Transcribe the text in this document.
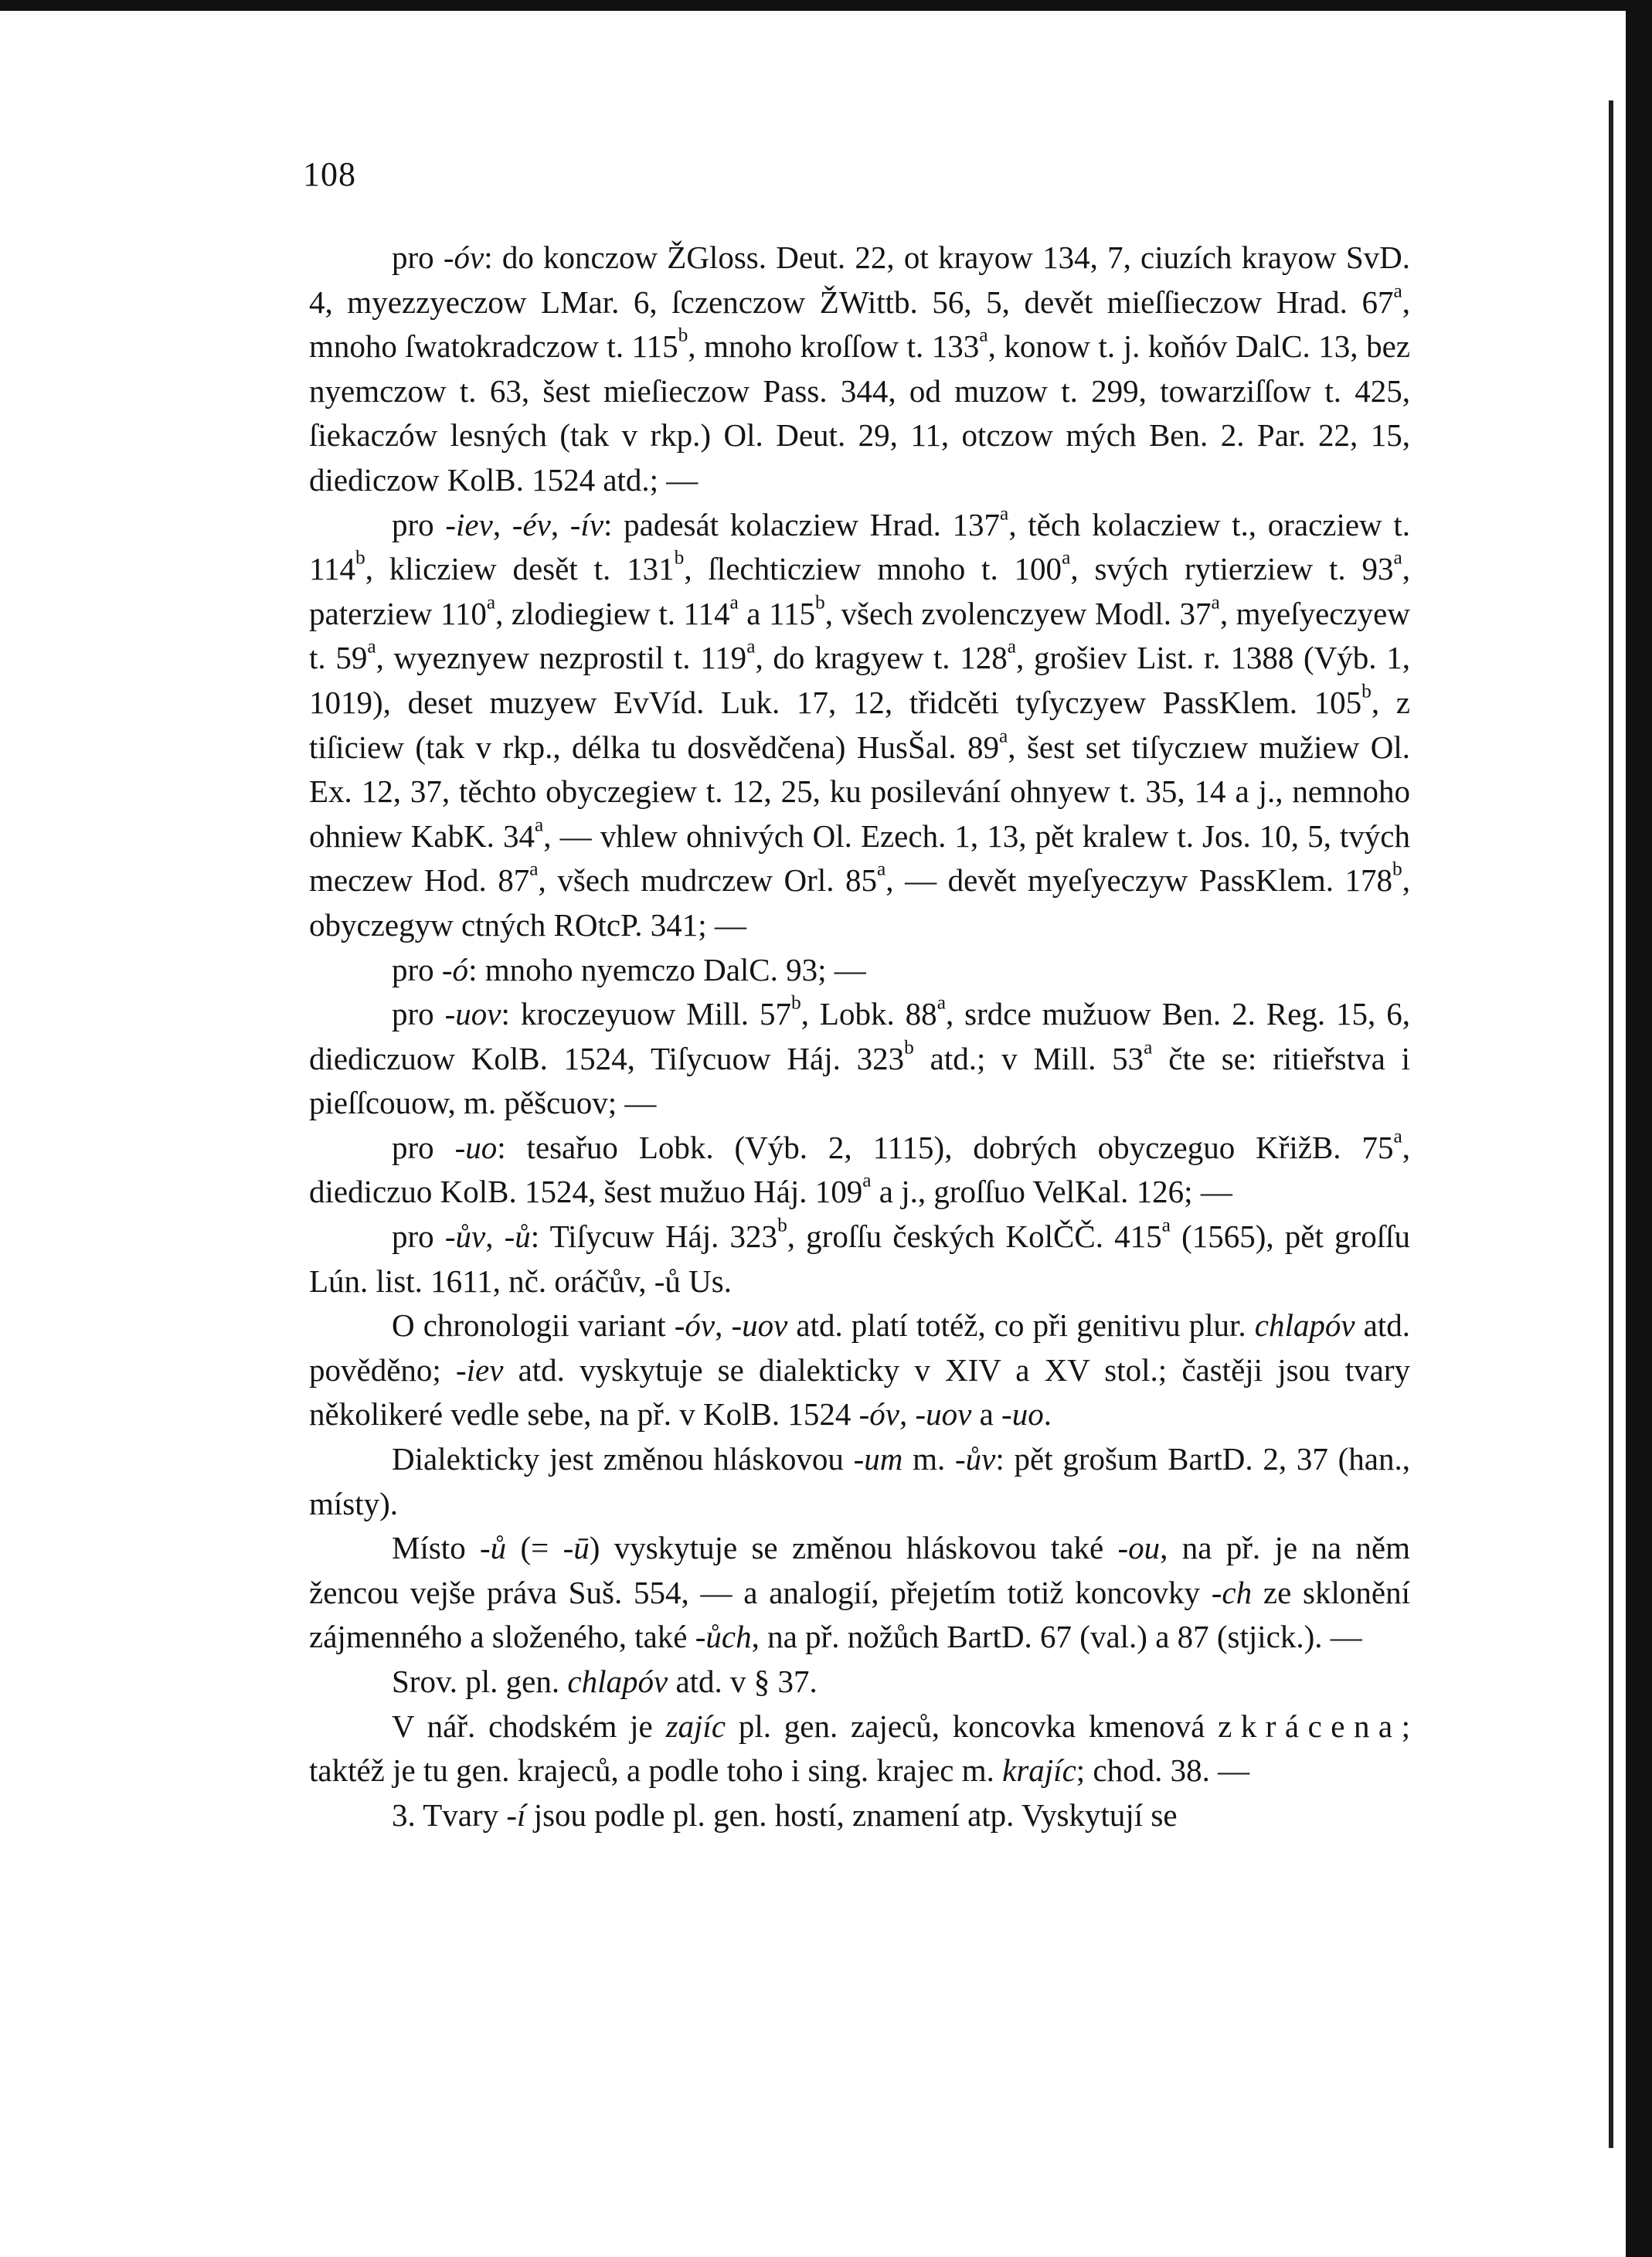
108

pro -óv: do konczow ŽGloss. Deut. 22, ot krayow 134, 7, ciuzích krayow SvD. 4, myezzyeczow LMar. 6, ſczenczow ŽWittb. 56, 5, devět mieſſieczow Hrad. 67$^a$, mnoho ſwatokradczow t. 115$^b$, mnoho kroſſow t. 133$^a$, konow t. j. koňóv DalC. 13, bez nyemczow t. 63, šest mieſieczow Pass. 344, od muzow t. 299, towarziſſow t. 425, ſiekaczów lesných (tak v rkp.) Ol. Deut. 29, 11, otczow mých Ben. 2. Par. 22, 15, diediczow KolB. 1524 atd.; —

pro -iev, -év, -ív: padesát kolacziew Hrad. 137$^a$, těch kolacziew t., oracziew t. 114$^b$, klicziew desět t. 131$^b$, ſlechticziew mnoho t. 100$^a$, svých rytierziew t. 93$^a$, paterziew 110$^a$, zlodiegiew t. 114$^a$ a 115$^b$, všech zvolenczyew Modl. 37$^a$, myeſyeczyew t. 59$^a$, wyeznyew nezprostil t. 119$^a$, do kragyew t. 128$^a$, grošiev List. r. 1388 (Výb. 1, 1019), deset muzyew EvVíd. Luk. 17, 12, třidcěti tyſyczyew PassKlem. 105$^b$, z tiſiciew (tak v rkp., délka tu dosvědčena) HusŠal. 89$^a$, šest set tiſyczıew mužiew Ol. Ex. 12, 37, těchto obyczegiew t. 12, 25, ku posilevání ohnyew t. 35, 14 a j., nemnoho ohniew KabK. 34$^a$, — vhlew ohnivých Ol. Ezech. 1, 13, pět kralew t. Jos. 10, 5, tvých meczew Hod. 87$^a$, všech mudrczew Orl. 85$^a$, — devět myeſyeczyw PassKlem. 178$^b$, obyczegyw ctných ROtcP. 341; —

pro -ó: mnoho nyemczo DalC. 93; —

pro -uov: kroczeyuow Mill. 57$^b$, Lobk. 88$^a$, srdce mužuow Ben. 2. Reg. 15, 6, diediczuow KolB. 1524, Tiſycuow Háj. 323$^b$ atd.; v Mill. 53$^a$ čte se: ritieřstva i pieſſcouow, m. pěšcuov; —

pro -uo: tesařuo Lobk. (Výb. 2, 1115), dobrých obyczeguo KřižB. 75$^a$, diediczuo KolB. 1524, šest mužuo Háj. 109$^a$ a j., groſſuo VelKal. 126; —

pro -ův, -ů: Tiſycuw Háj. 323$^b$, groſſu českých KolČČ. 415$^a$ (1565), pět groſſu Lún. list. 1611, nč. oráčův, -ů Us.

O chronologii variant -óv, -uov atd. platí totéž, co při genitivu plur. chlapóv atd. pověděno; -iev atd. vyskytuje se dialekticky v XIV a XV stol.; častěji jsou tvary několikeré vedle sebe, na př. v KolB. 1524 -óv, -uov a -uo.

Dialekticky jest změnou hláskovou -um m. -ův: pět grošum BartD. 2, 37 (han., místy).

Místo -ů (= -ū) vyskytuje se změnou hláskovou také -ou, na př. je na něm žencou vejše práva Suš. 554, — a analogií, přejetím totiž koncovky -ch ze sklonění zájmenného a složeného, také -ůch, na př. nožůch BartD. 67 (val.) a 87 (stjick.). —

Srov. pl. gen. chlapóv atd. v § 37.

V nář. chodském je zajíc pl. gen. zajeců, koncovka kmenová zkrácena; taktéž je tu gen. krajeců, a podle toho i sing. krajec m. krajíc; chod. 38. —

3. Tvary -í jsou podle pl. gen. hostí, znamení atp. Vyskytují se
